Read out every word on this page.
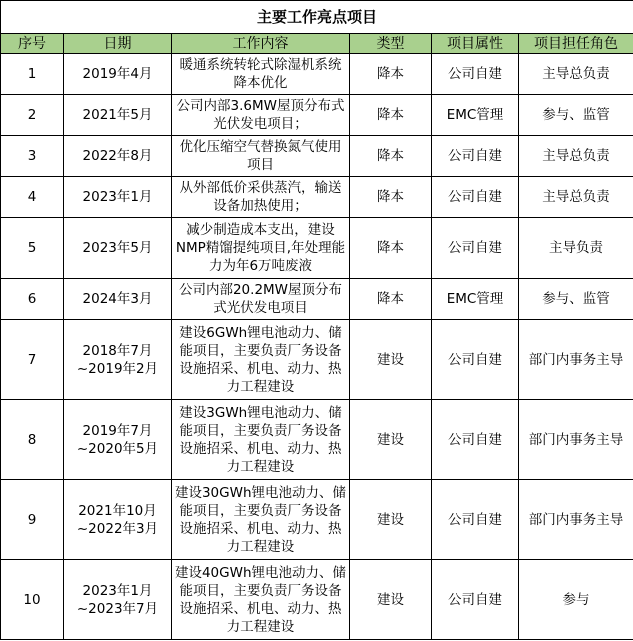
主要工作亮点项目					
序号	日期	工作内容	类型	项目属性	项目担任角色
1	2019年4月	暖通系统转轮式除湿机系统降本优化	降本	公司自建	主导总负责
2	2021年5月	公司内部3.6MW屋顶分布式光伏发电项目；	降本	EMC管理	参与、监管
3	2022年8月	优化压缩空气替换氮气使用项目	降本	公司自建	主导总负责
4	2023年1月	从外部低价采供蒸汽，输送设备加热使用；	降本	公司自建	主导总负责
5	2023年5月	减少制造成本支出，建设NMP精馏提纯项目,年处理能力为年6万吨废液	降本	公司自建	主导负责
6	2024年3月	公司内部20.2MW屋顶分布式光伏发电项目	降本	EMC管理	参与、监管
7	2018年7月~2019年2月	建设6GWh锂电池动力、储能项目，主要负责厂务设备设施招采、机电、动力、热力工程建设	建设	公司自建	部门内事务主导
8	2019年7月~2020年5月	建设3GWh锂电池动力、储能项目，主要负责厂务设备设施招采、机电、动力、热力工程建设	建设	公司自建	部门内事务主导
9	2021年10月~2022年3月	建设30GWh锂电池动力、储能项目，主要负责厂务设备设施招采、机电、动力、热力工程建设	建设	公司自建	部门内事务主导
10	2023年1月~2023年7月	建设40GWh锂电池动力、储能项目，主要负责厂务设备设施招采、机电、动力、热力工程建设	建设	公司自建	参与
